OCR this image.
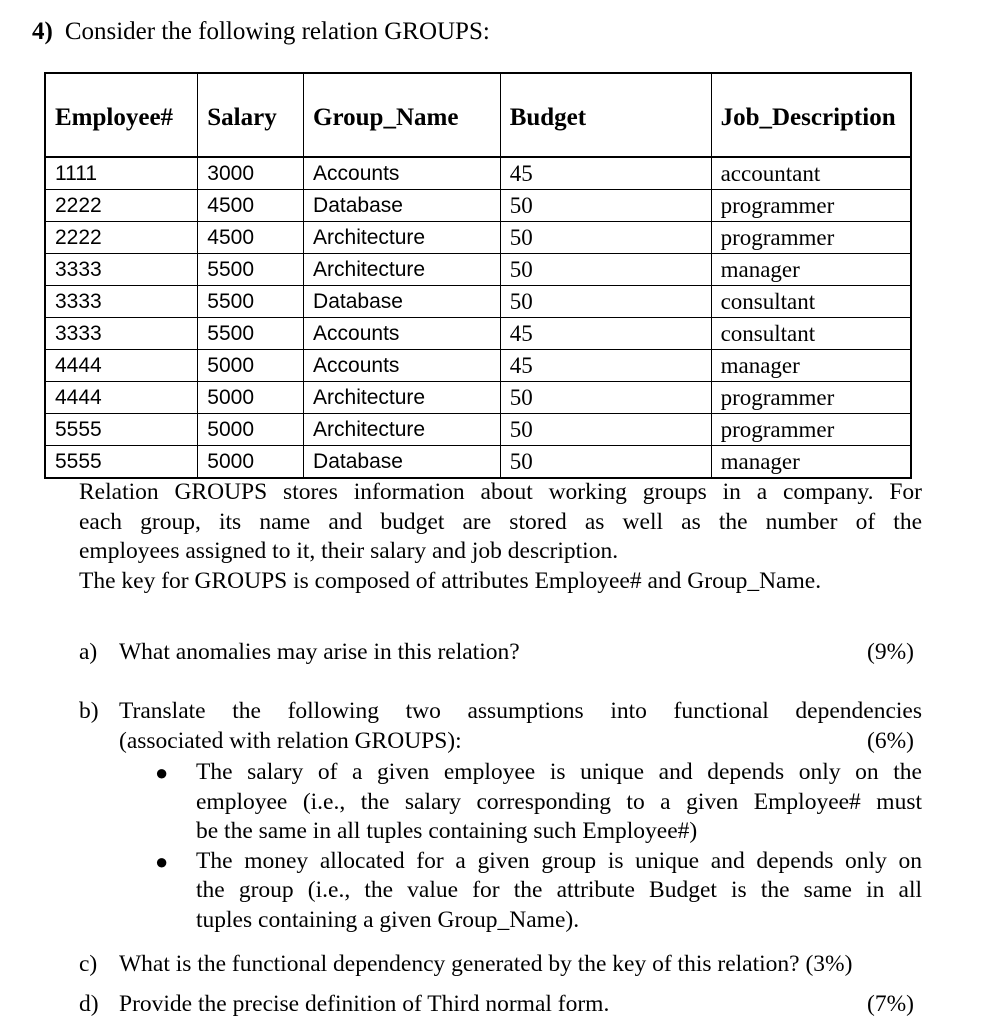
4) Consider the following relation GROUPS:
Employee#	Salary	Group_Name	Budget	Job_Description
1111	3000	Accounts	45	accountant
2222	4500	Database	50	programmer
2222	4500	Architecture	50	programmer
3333	5500	Architecture	50	manager
3333	5500	Database	50	consultant
3333	5500	Accounts	45	consultant
4444	5000	Accounts	45	manager
4444	5000	Architecture	50	programmer
5555	5000	Architecture	50	programmer
5555	5000	Database	50	manager

Relation GROUPS stores information about working groups in a company. For

each group, its name and budget are stored as well as the number of the

employees assigned to it, their salary and job description.

The key for GROUPS is composed of attributes Employee# and Group_Name.

a) What anomalies may arise in this relation?	(9%)
b) Translate the following two assumptions into functional dependencies
(associated with relation GROUPS):	(6%)
● The salary of a given employee is unique and depends only on the
employee (i.e., the salary corresponding to a given Employee# must
be the same in all tuples containing such Employee#)
● The money allocated for a given group is unique and depends only on
the group (i.e., the value for the attribute Budget is the same in all
tuples containing a given Group_Name).
c) What is the functional dependency generated by the key of this relation? (3%)
d) Provide the precise definition of Third normal form.	(7%)
